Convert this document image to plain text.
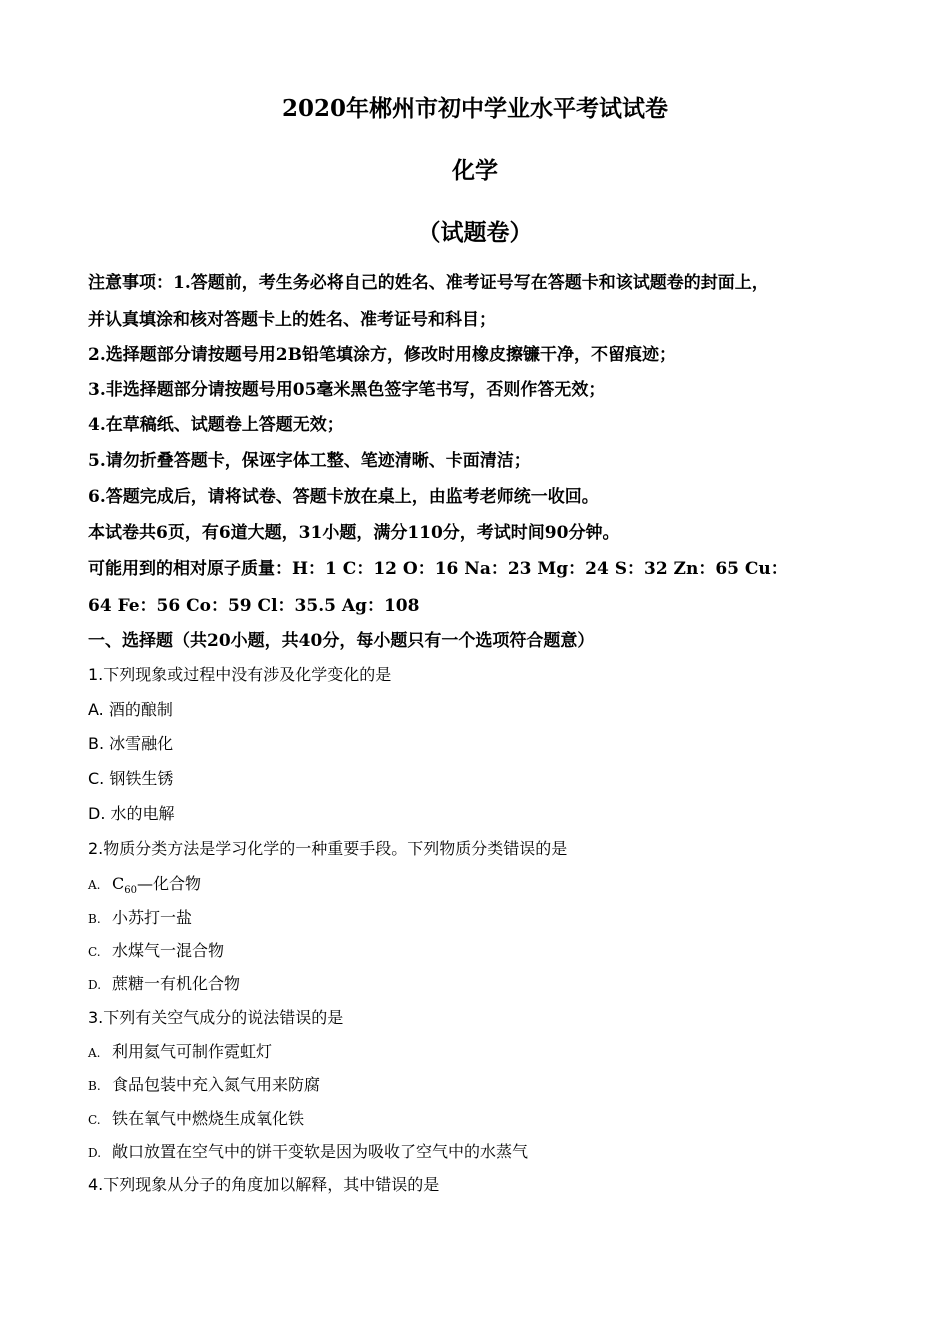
2020年郴州市初中学业水平考试试卷
化学
（试题卷）
注意事项：1.答题前，考生务必将自己的姓名、准考证号写在答题卡和该试题卷的封面上，
并认真填涂和核对答题卡上的姓名、准考证号和科目；
2.选择题部分请按题号用2B铅笔填涂方，修改时用橡皮擦镰干净，不留痕迹；
3.非选择题部分请按题号用05毫米黑色签字笔书写，否则作答无效；
4.在草稿纸、试题卷上答题无效；
5.请勿折叠答题卡，保诬字体工整、笔迹清晰、卡面清洁；
6.答题完成后，请将试卷、答题卡放在桌上，由监考老师统一收回。
本试卷共6页，有6道大题，31小题，满分110分，考试时间90分钟。
可能用到的相对原子质量：H：1 C：12 O：16 Na：23 Mg：24 S：32 Zn：65 Cu：
64 Fe：56 Co：59 Cl：35.5 Ag：108
一、选择题（共20小题，共40分，每小题只有一个选项符合题意）
1.下列现象或过程中没有涉及化学变化的是
A. 酒的酿制
B. 冰雪融化
C. 钢铁生锈
D. 水的电解
2.物质分类方法是学习化学的一种重要手段。下列物质分类错误的是
A. $C_{60}—$化合物
B. 小苏打一盐
C. 水煤气一混合物
D. 蔗糖一有机化合物
3.下列有关空气成分的说法错误的是
A. 利用氦气可制作霓虹灯
B. 食品包装中充入氮气用来防腐
C. 铁在氧气中燃烧生成氧化铁
D. 敞口放置在空气中的饼干变软是因为吸收了空气中的水蒸气
4.下列现象从分子的角度加以解释，其中错误的是
